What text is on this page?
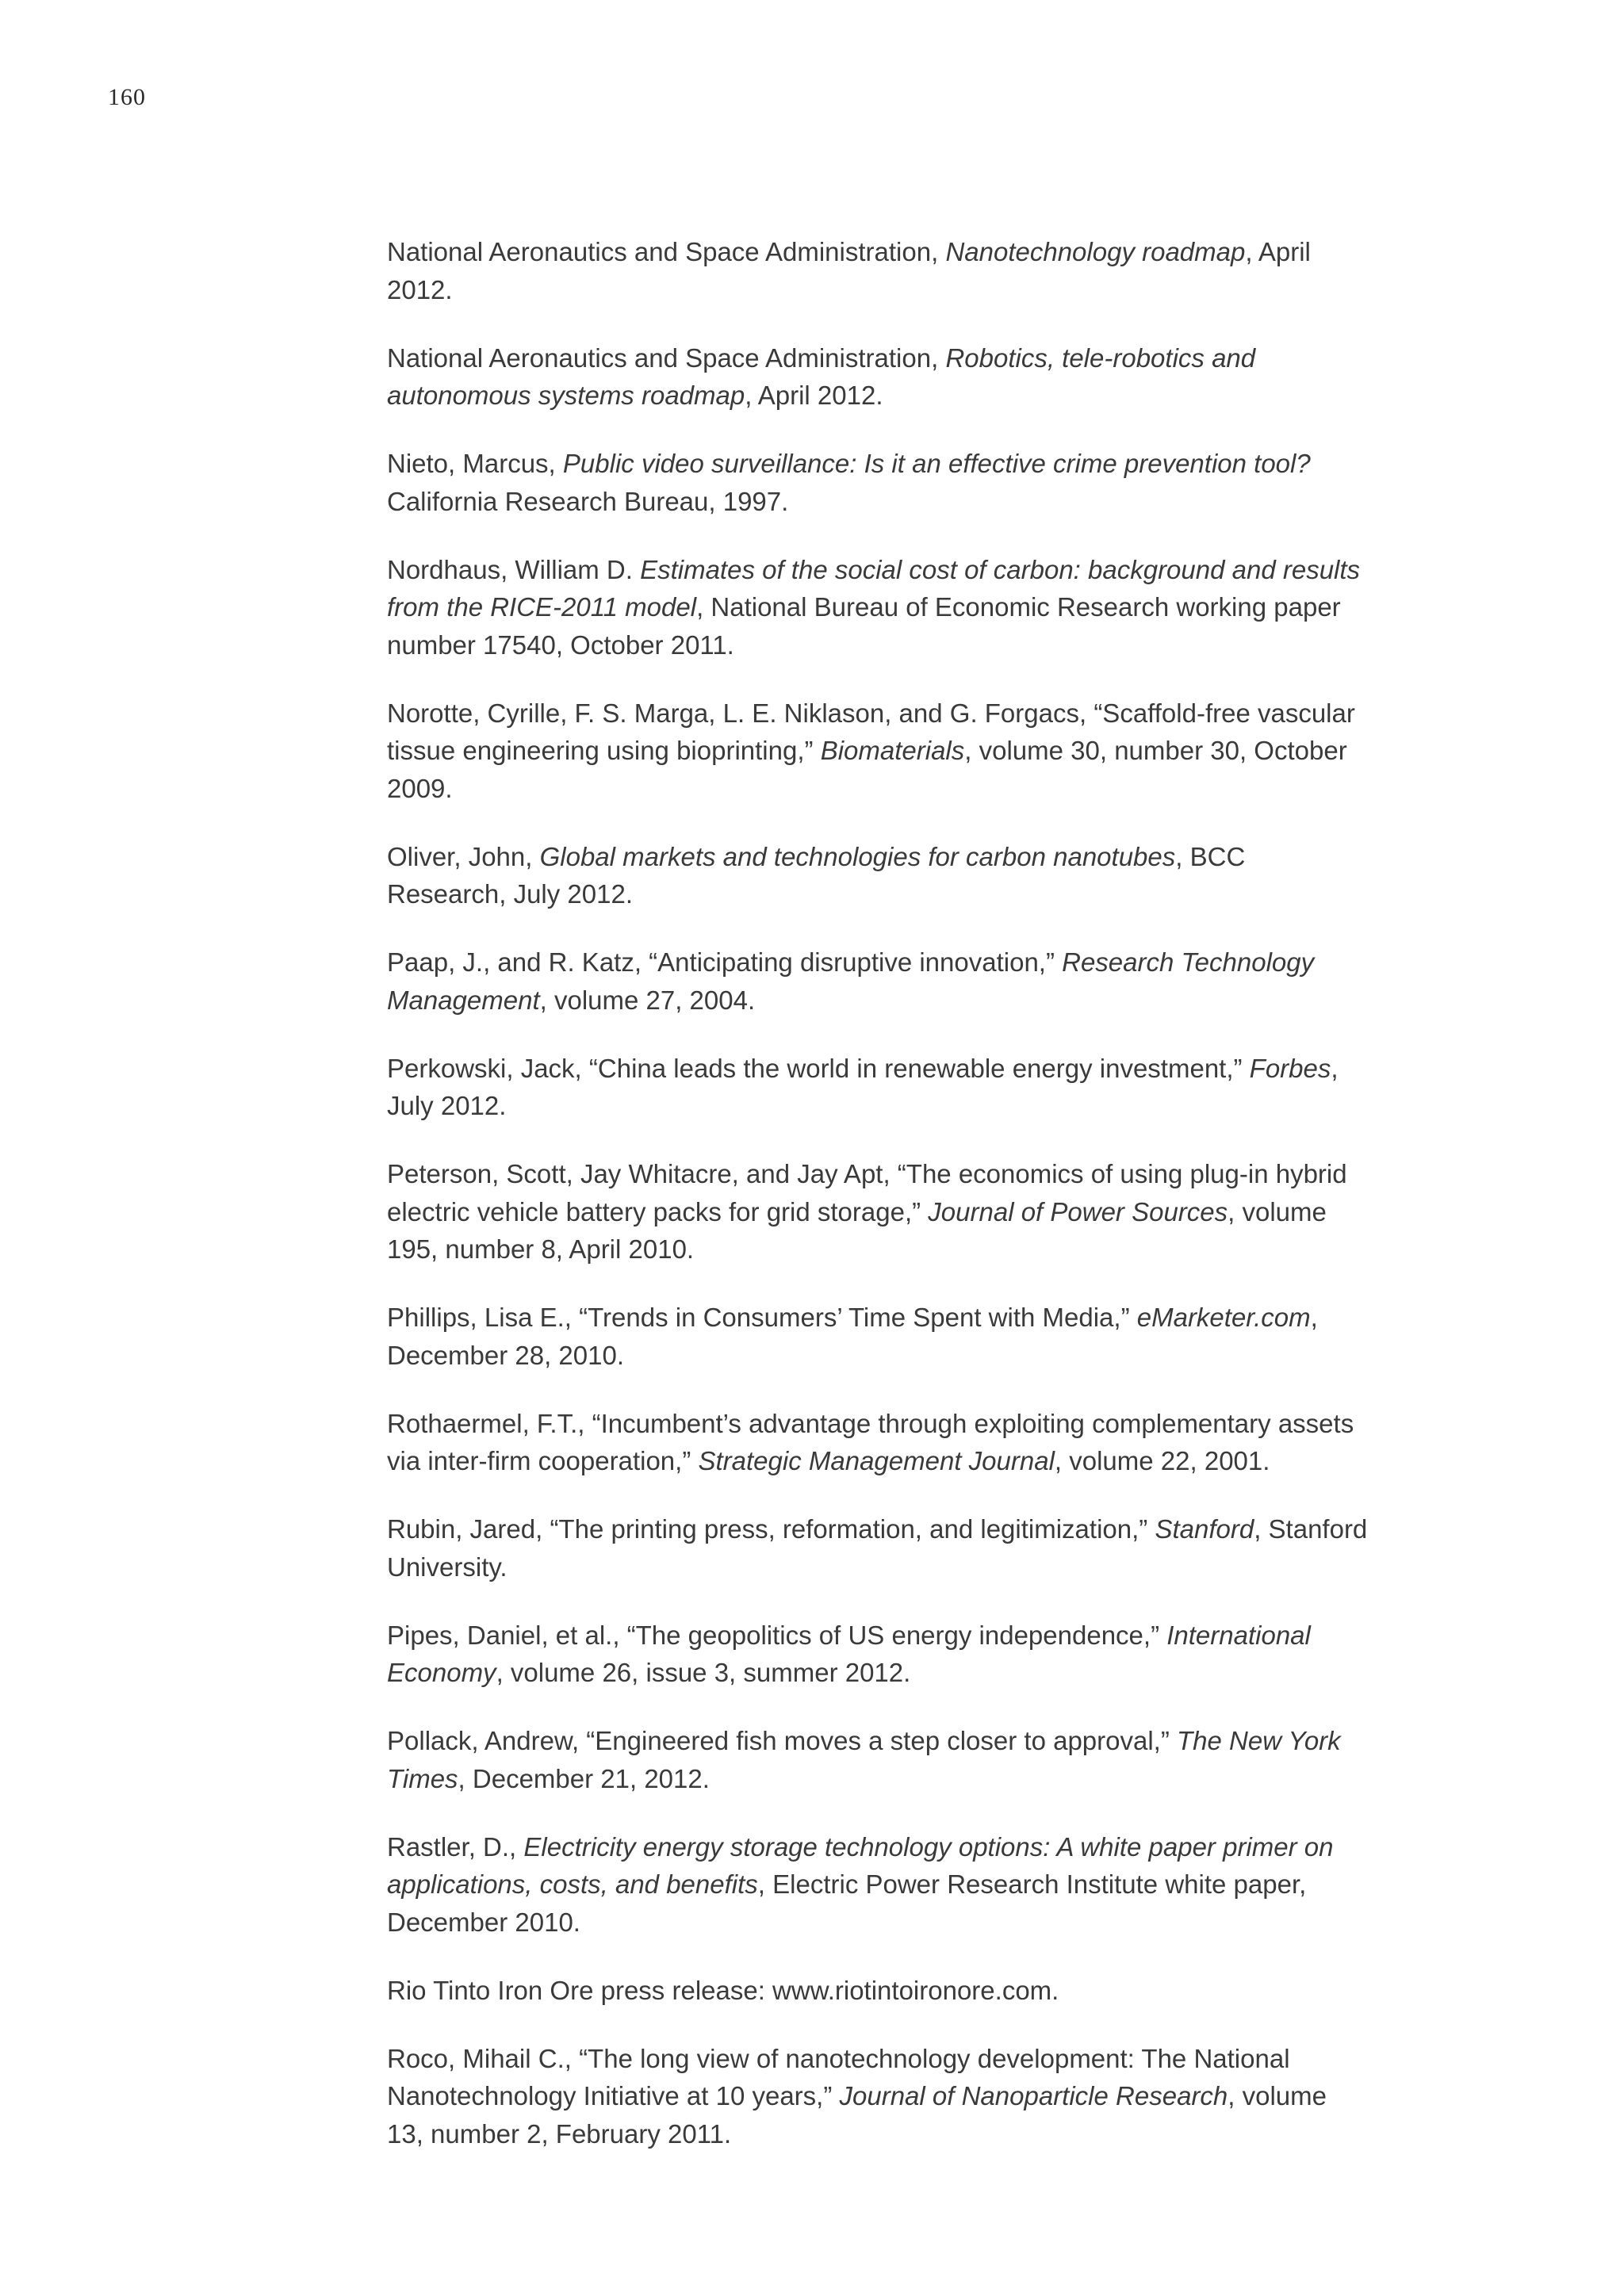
160
National Aeronautics and Space Administration, Nanotechnology roadmap, April 2012.
National Aeronautics and Space Administration, Robotics, tele-robotics and autonomous systems roadmap, April 2012.
Nieto, Marcus, Public video surveillance: Is it an effective crime prevention tool? California Research Bureau, 1997.
Nordhaus, William D. Estimates of the social cost of carbon: background and results from the RICE-2011 model, National Bureau of Economic Research working paper number 17540, October 2011.
Norotte, Cyrille, F. S. Marga, L. E. Niklason, and G. Forgacs, “Scaffold-free vascular tissue engineering using bioprinting,” Biomaterials, volume 30, number 30, October 2009.
Oliver, John, Global markets and technologies for carbon nanotubes, BCC Research, July 2012.
Paap, J., and R. Katz, “Anticipating disruptive innovation,” Research Technology Management, volume 27, 2004.
Perkowski, Jack, “China leads the world in renewable energy investment,” Forbes, July 2012.
Peterson, Scott, Jay Whitacre, and Jay Apt, “The economics of using plug-in hybrid electric vehicle battery packs for grid storage,” Journal of Power Sources, volume 195, number 8, April 2010.
Phillips, Lisa E., “Trends in Consumers’ Time Spent with Media,” eMarketer.com, December 28, 2010.
Rothaermel, F.T., “Incumbent’s advantage through exploiting complementary assets via inter-firm cooperation,” Strategic Management Journal, volume 22, 2001.
Rubin, Jared, “The printing press, reformation, and legitimization,” Stanford, Stanford University.
Pipes, Daniel, et al., “The geopolitics of US energy independence,” International Economy, volume 26, issue 3, summer 2012.
Pollack, Andrew, “Engineered fish moves a step closer to approval,” The New York Times, December 21, 2012.
Rastler, D., Electricity energy storage technology options: A white paper primer on applications, costs, and benefits, Electric Power Research Institute white paper, December 2010.
Rio Tinto Iron Ore press release: www.riotintoironore.com.
Roco, Mihail C., “The long view of nanotechnology development: The National Nanotechnology Initiative at 10 years,” Journal of Nanoparticle Research, volume 13, number 2, February 2011.
